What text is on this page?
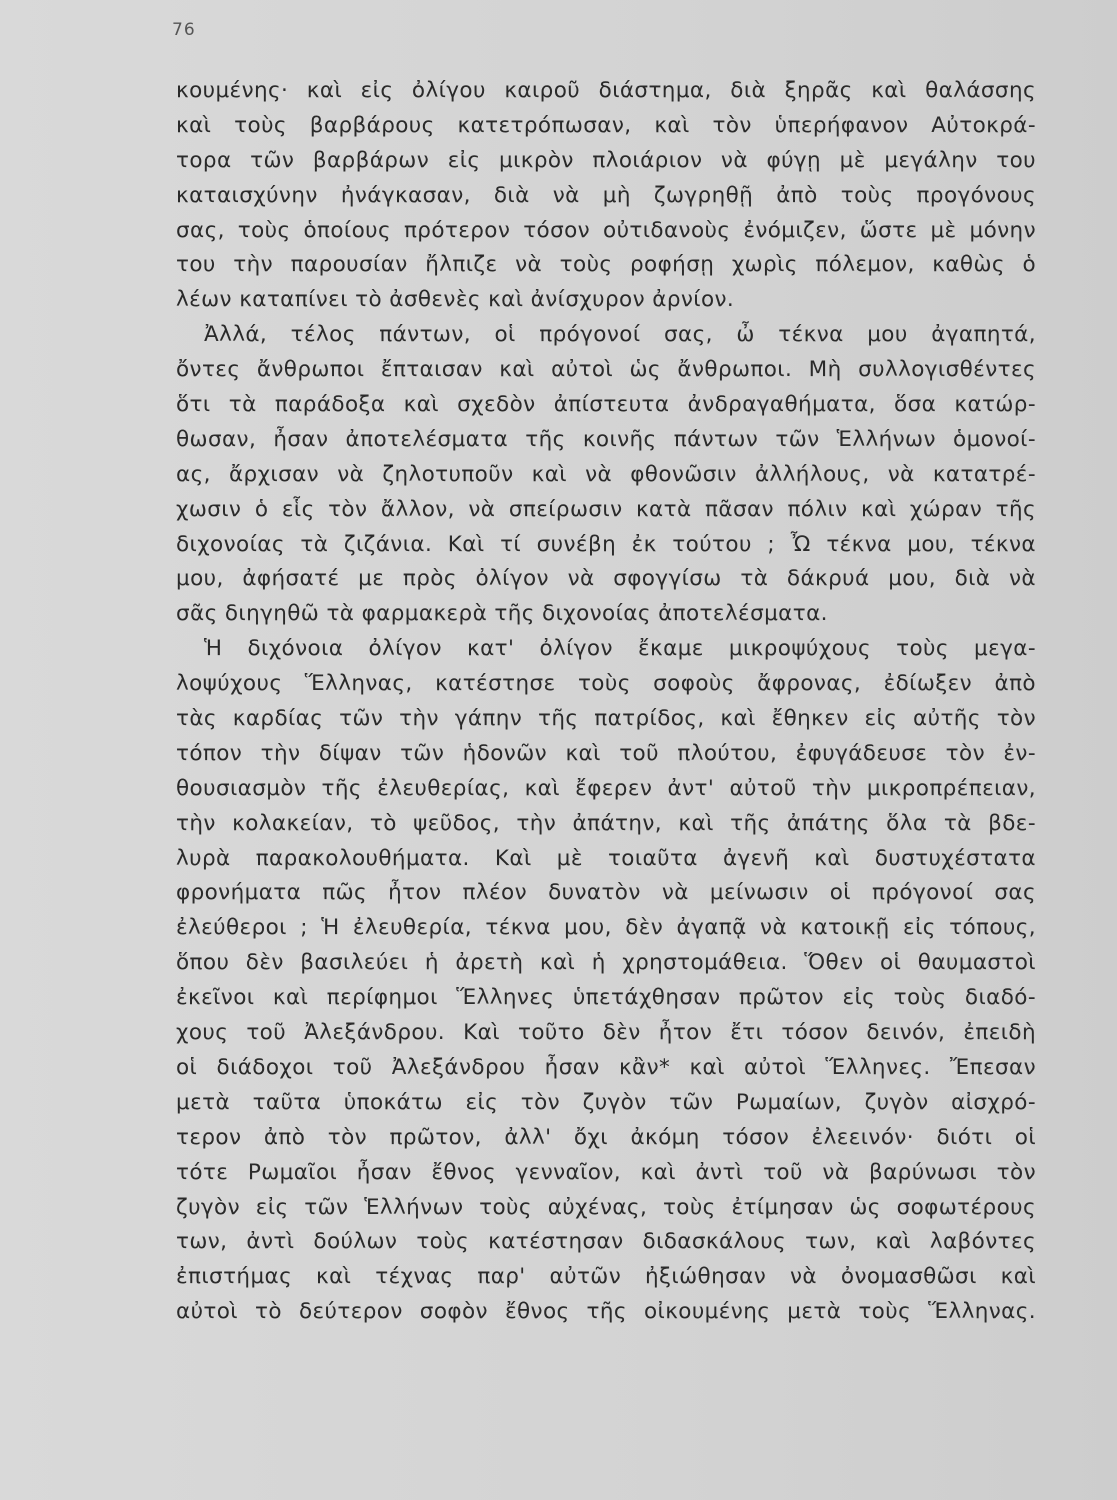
76
κουμένης· καὶ εἰς ὀλίγου καιροῦ διάστημα, διὰ ξηρᾶς καὶ θαλάσσης
καὶ τοὺς βαρβάρους κατετρόπωσαν, καὶ τὸν ὑπερήφανον Αὐτοκρά-
τορα τῶν βαρβάρων εἰς μικρὸν πλοιάριον νὰ φύγῃ μὲ μεγάλην του
καταισχύνην ἠνάγκασαν, διὰ νὰ μὴ ζωγρηθῇ ἀπὸ τοὺς προγόνους
σας, τοὺς ὁποίους πρότερον τόσον οὐτιδανοὺς ἐνόμιζεν, ὥστε μὲ μόνην
του τὴν παρουσίαν ἤλπιζε νὰ τοὺς ροφήσῃ χωρὶς πόλεμον, καθὼς ὁ
λέων καταπίνει τὸ ἀσθενὲς καὶ ἀνίσχυρον ἀρνίον.
Ἀλλά, τέλος πάντων, οἱ πρόγονοί σας, ὦ τέκνα μου ἀγαπητά,
ὄντες ἄνθρωποι ἔπταισαν καὶ αὐτοὶ ὡς ἄνθρωποι. Μὴ συλλογισθέντες
ὅτι τὰ παράδοξα καὶ σχεδὸν ἀπίστευτα ἀνδραγαθήματα, ὅσα κατώρ-
θωσαν, ἦσαν ἀποτελέσματα τῆς κοινῆς πάντων τῶν Ἑλλήνων ὁμονοί-
ας, ἄρχισαν νὰ ζηλοτυποῦν καὶ νὰ φθονῶσιν ἀλλήλους, νὰ κατατρέ-
χωσιν ὁ εἷς τὸν ἄλλον, νὰ σπείρωσιν κατὰ πᾶσαν πόλιν καὶ χώραν τῆς
διχονοίας τὰ ζιζάνια. Καὶ τί συνέβη ἐκ τούτου ; Ὦ τέκνα μου, τέκνα
μου, ἀφήσατέ με πρὸς ὀλίγον νὰ σφογγίσω τὰ δάκρυά μου, διὰ νὰ
σᾶς διηγηθῶ τὰ φαρμακερὰ τῆς διχονοίας ἀποτελέσματα.
Ἡ διχόνοια ὀλίγον κατ' ὀλίγον ἔκαμε μικροψύχους τοὺς μεγα-
λοψύχους Ἕλληνας, κατέστησε τοὺς σοφοὺς ἄφρονας, ἐδίωξεν ἀπὸ
τὰς καρδίας τῶν τὴν γάπην τῆς πατρίδος, καὶ ἔθηκεν εἰς αὐτῆς τὸν
τόπον τὴν δίψαν τῶν ἡδονῶν καὶ τοῦ πλούτου, ἐφυγάδευσε τὸν ἐν-
θουσιασμὸν τῆς ἐλευθερίας, καὶ ἔφερεν ἀντ' αὐτοῦ τὴν μικροπρέπειαν,
τὴν κολακείαν, τὸ ψεῦδος, τὴν ἀπάτην, καὶ τῆς ἀπάτης ὅλα τὰ βδε-
λυρὰ παρακολουθήματα. Καὶ μὲ τοιαῦτα ἀγενῆ καὶ δυστυχέστατα
φρονήματα πῶς ἦτον πλέον δυνατὸν νὰ μείνωσιν οἱ πρόγονοί σας
ἐλεύθεροι ; Ἡ ἐλευθερία, τέκνα μου, δὲν ἀγαπᾷ νὰ κατοικῇ εἰς τόπους,
ὅπου δὲν βασιλεύει ἡ ἀρετὴ καὶ ἡ χρηστομάθεια. Ὅθεν οἱ θαυμαστοὶ
ἐκεῖνοι καὶ περίφημοι Ἕλληνες ὑπετάχθησαν πρῶτον εἰς τοὺς διαδό-
χους τοῦ Ἀλεξάνδρου. Καὶ τοῦτο δὲν ἦτον ἔτι τόσον δεινόν, ἐπειδὴ
οἱ διάδοχοι τοῦ Ἀλεξάνδρου ἦσαν κἂν* καὶ αὐτοὶ Ἕλληνες. Ἔπεσαν
μετὰ ταῦτα ὑποκάτω εἰς τὸν ζυγὸν τῶν Ρωμαίων, ζυγὸν αἰσχρό-
τερον ἀπὸ τὸν πρῶτον, ἀλλ' ὄχι ἀκόμη τόσον ἐλεεινόν· διότι οἱ
τότε Ρωμαῖοι ἦσαν ἔθνος γενναῖον, καὶ ἀντὶ τοῦ νὰ βαρύνωσι τὸν
ζυγὸν εἰς τῶν Ἑλλήνων τοὺς αὐχένας, τοὺς ἐτίμησαν ὡς σοφωτέρους
των, ἀντὶ δούλων τοὺς κατέστησαν διδασκάλους των, καὶ λαβόντες
ἐπιστήμας καὶ τέχνας παρ' αὐτῶν ἠξιώθησαν νὰ ὀνομασθῶσι καὶ
αὐτοὶ τὸ δεύτερον σοφὸν ἔθνος τῆς οἰκουμένης μετὰ τοὺς Ἕλληνας.
